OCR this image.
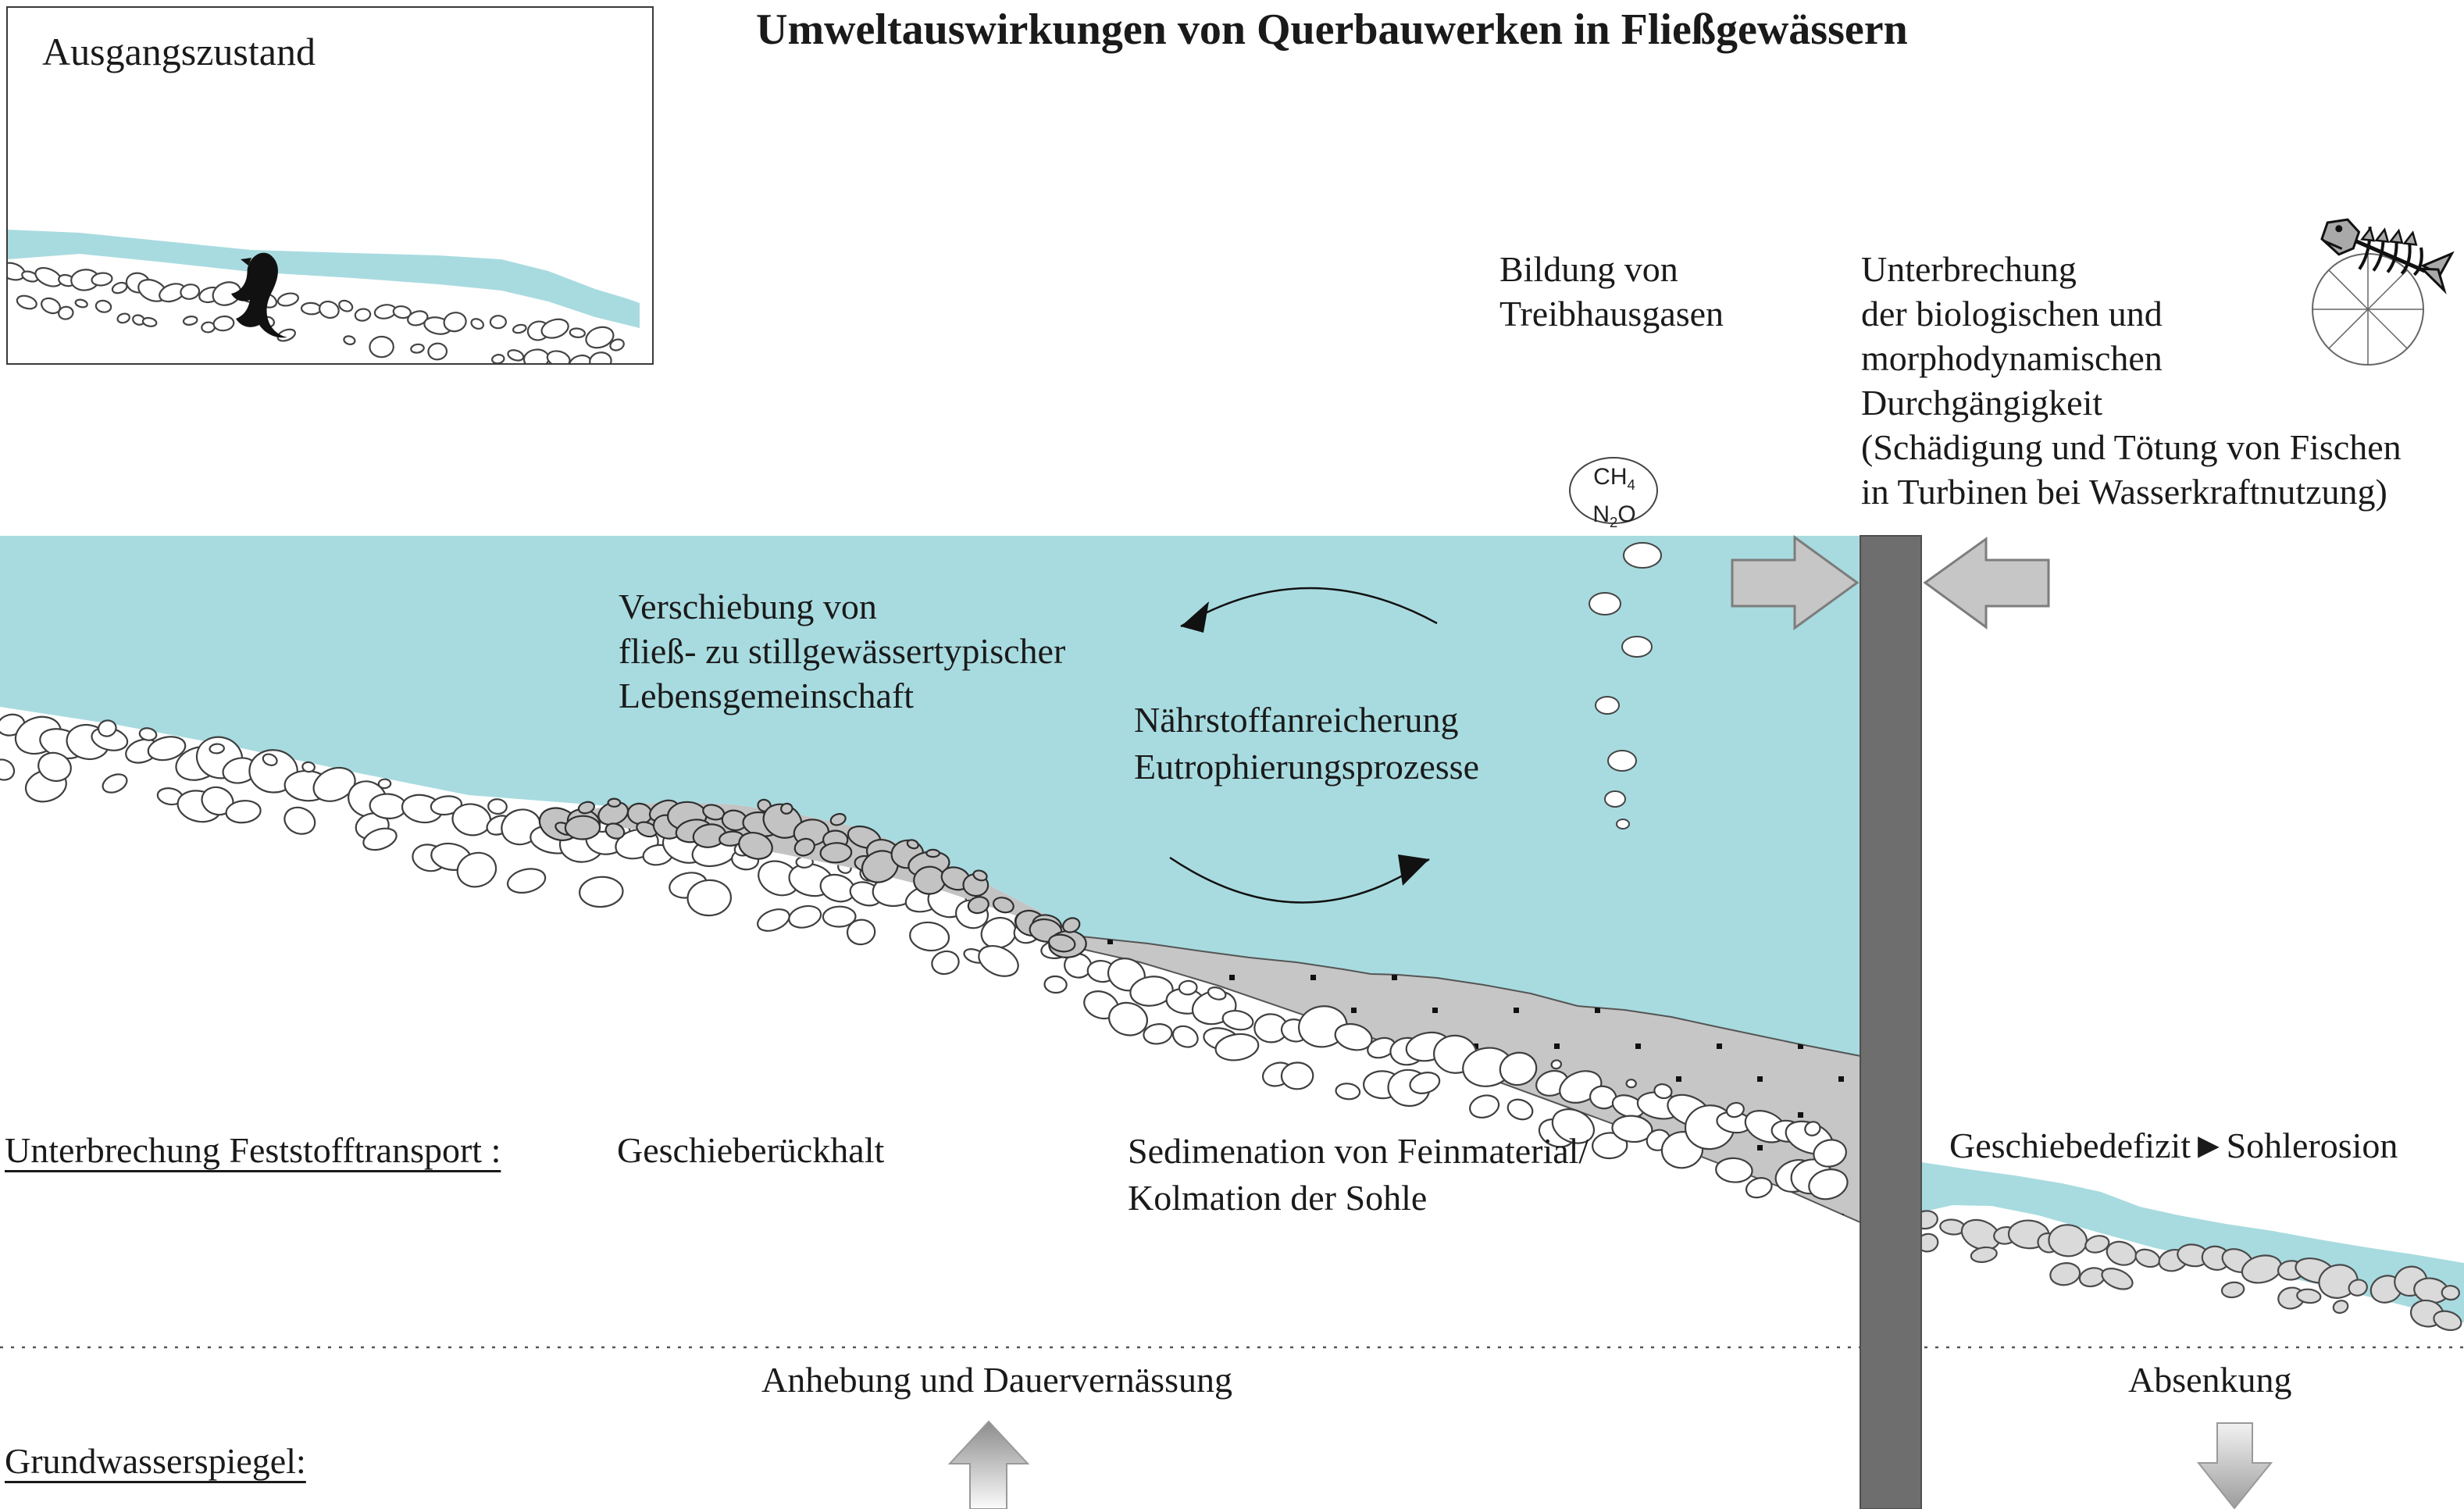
Ausgangszustand	Umweltauswirkungen von Querbauwerken in Fließgewässern
Bildung von
Treibhausgasen
Unterbrechung
der biologischen und
morphodynamischen
Durchgängigkeit
(Schädigung und Tötung von Fischen
in Turbinen bei Wasserkraftnutzung)
Verschiebung von
fließ- zu stillgewässertypischer
Lebensgemeinschaft
Nährstoffanreicherung
Eutrophierungsprozesse
$CH_4$
$N_2O$
Unterbrechung Feststofftransport :	Geschieberückhalt	Sedimenation von Feinmaterial/
Kolmation der Sohle
Geschiebedefizit►Sohlerosion
Anhebung und Dauervernässung	Absenkung
Grundwasserspiegel:
